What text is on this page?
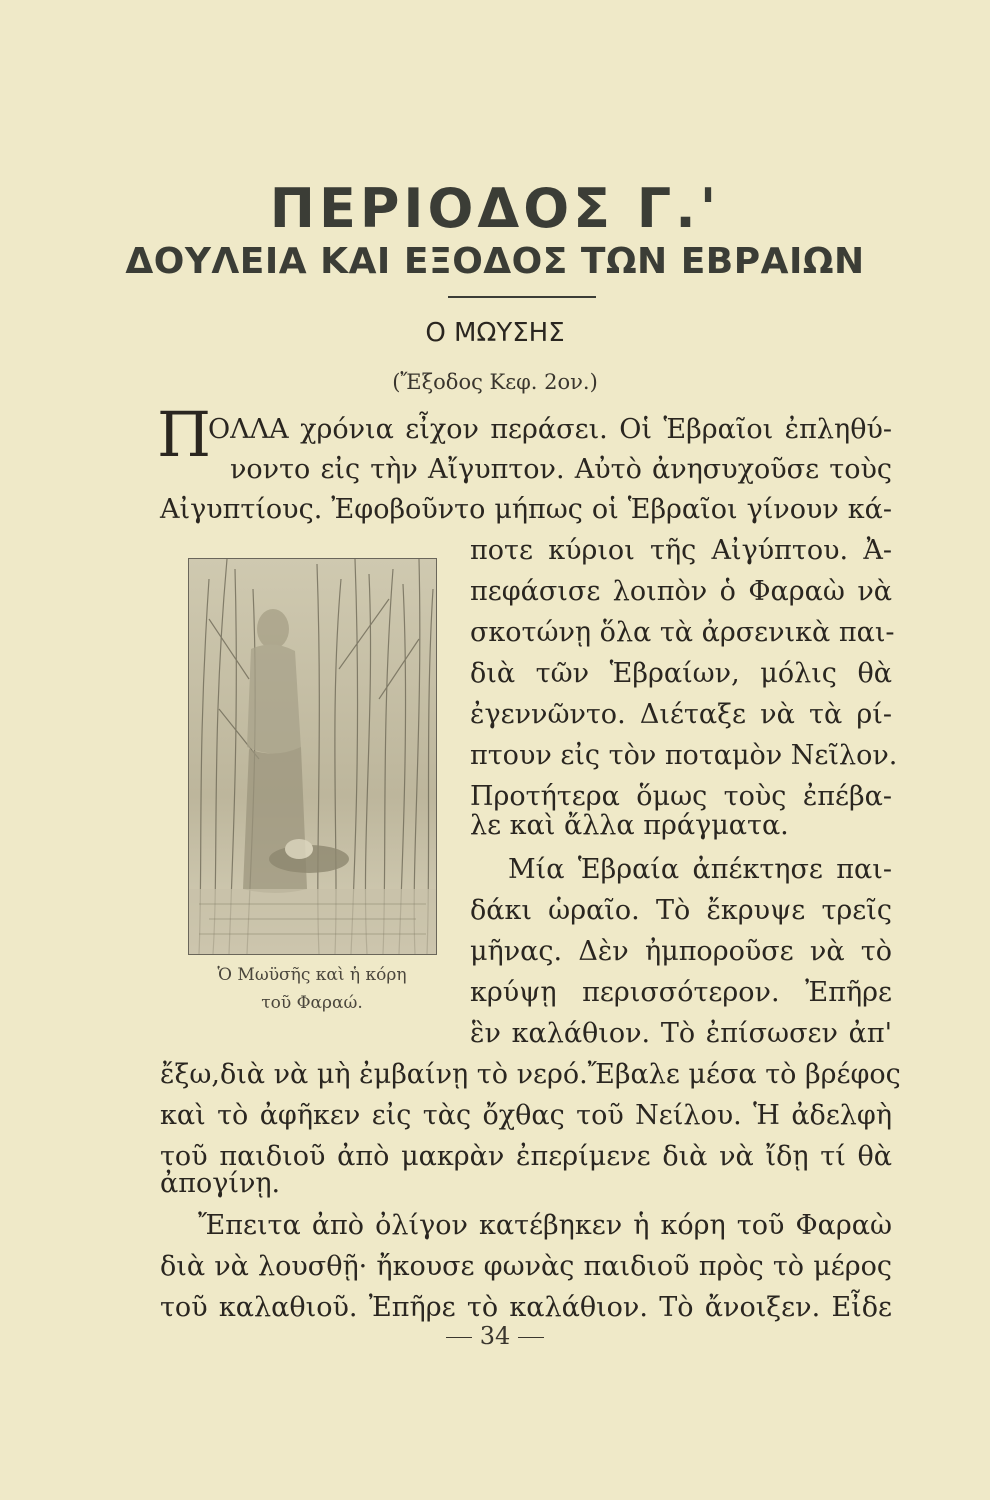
ΠΕΡΙΟΔΟΣ Γ.'
ΔΟΥΛΕΙΑ ΚΑΙ ΕΞΟΔΟΣ ΤΩΝ ΕΒΡΑΙΩΝ
Ο ΜΩΥΣΗΣ
(Ἔξοδος Κεφ. 2ον.)
Π
ΟΛΛΑ χρόνια εἶχον περάσει. Οἱ Ἑβραῖοι ἐπληθύ-
νοντο εἰς τὴν Αἴγυπτον. Αὐτὸ ἀνησυχοῦσε τοὺς
Αἰγυπτίους. Ἐφοβοῦντο μήπως οἱ Ἑβραῖοι γίνουν κά-
ποτε κύριοι τῆς Αἰγύπτου. Ἀ-
πεφάσισε λοιπὸν ὁ Φαραὼ νὰ
σκοτώνῃ ὅλα τὰ ἀρσενικὰ παι-
διὰ τῶν Ἑβραίων, μόλις θὰ
ἐγεννῶντο. Διέταξε νὰ τὰ ρί-
πτουν εἰς τὸν ποταμὸν Νεῖλον.
Προτήτερα ὅμως τοὺς ἐπέβα-
λε καὶ ἄλλα πράγματα.
Μία Ἑβραία ἀπέκτησε παι-
δάκι ὡραῖο. Τὸ ἔκρυψε τρεῖς
μῆνας. Δὲν ἠμποροῦσε νὰ τὸ
κρύψῃ περισσότερον. Ἐπῆρε
ἓν καλάθιον. Τὸ ἐπίσωσεν ἀπ'
ἔξω,διὰ νὰ μὴ ἐμβαίνῃ τὸ νερό.Ἔβαλε μέσα τὸ βρέφος
καὶ τὸ ἀφῆκεν εἰς τὰς ὄχθας τοῦ Νείλου. Ἡ ἀδελφὴ
τοῦ παιδιοῦ ἀπὸ μακρὰν ἐπερίμενε διὰ νὰ ἴδῃ τί θὰ
ἀπογίνῃ.
Ἔπειτα ἀπὸ ὀλίγον κατέβηκεν ἡ κόρη τοῦ Φαραὼ
διὰ νὰ λουσθῇ· ἤκουσε φωνὰς παιδιοῦ πρὸς τὸ μέρος
τοῦ καλαθιοῦ. Ἐπῆρε τὸ καλάθιον. Τὸ ἄνοιξεν. Εἶδε
Ὁ Μωϋσῆς καὶ ἡ κόρη
τοῦ Φαραώ.
34
